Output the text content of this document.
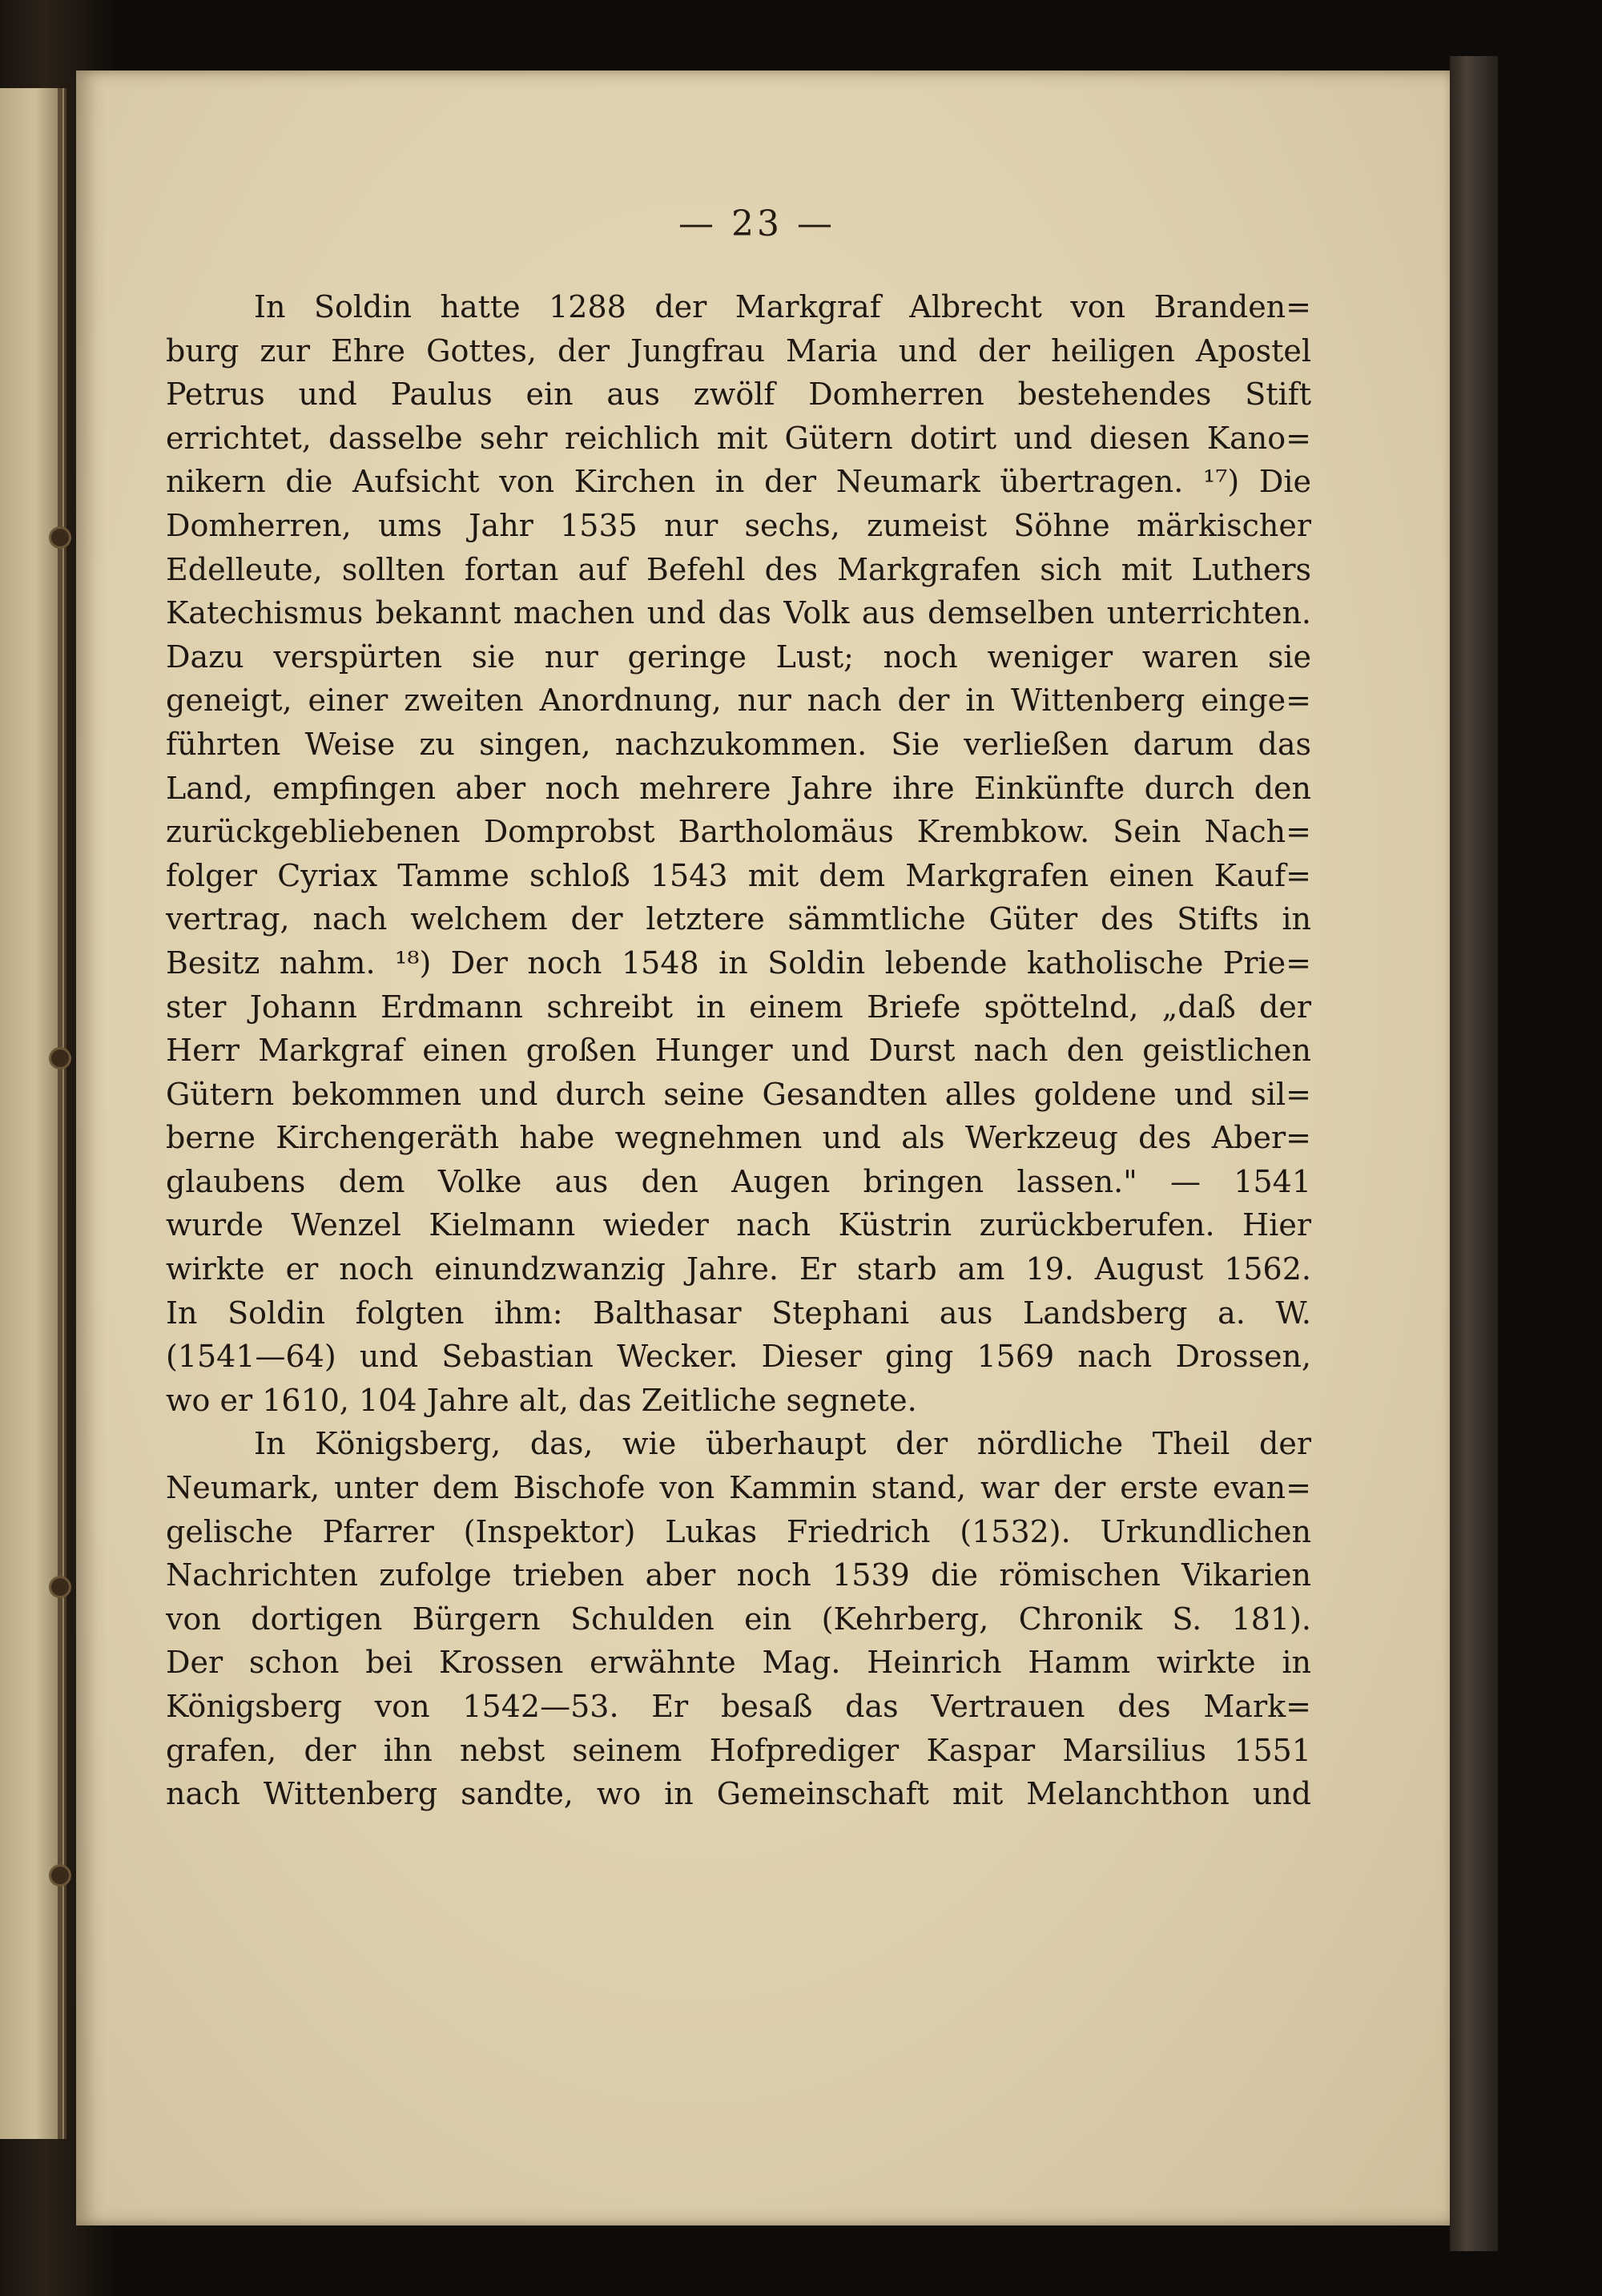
— 23 —
In Soldin hatte 1288 der Markgraf Albrecht von Branden=
burg zur Ehre Gottes, der Jungfrau Maria und der heiligen Apostel
Petrus und Paulus ein aus zwölf Domherren bestehendes Stift
errichtet, dasselbe sehr reichlich mit Gütern dotirt und diesen Kano=
nikern die Aufsicht von Kirchen in der Neumark übertragen. ¹⁷) Die
Domherren, ums Jahr 1535 nur sechs, zumeist Söhne märkischer
Edelleute, sollten fortan auf Befehl des Markgrafen sich mit Luthers
Katechismus bekannt machen und das Volk aus demselben unterrichten.
Dazu verspürten sie nur geringe Lust; noch weniger waren sie
geneigt, einer zweiten Anordnung, nur nach der in Wittenberg einge=
führten Weise zu singen, nachzukommen. Sie verließen darum das
Land, empfingen aber noch mehrere Jahre ihre Einkünfte durch den
zurückgebliebenen Domprobst Bartholomäus Krembkow. Sein Nach=
folger Cyriax Tamme schloß 1543 mit dem Markgrafen einen Kauf=
vertrag, nach welchem der letztere sämmtliche Güter des Stifts in
Besitz nahm. ¹⁸) Der noch 1548 in Soldin lebende katholische Prie=
ster Johann Erdmann schreibt in einem Briefe spöttelnd, „daß der
Herr Markgraf einen großen Hunger und Durst nach den geistlichen
Gütern bekommen und durch seine Gesandten alles goldene und sil=
berne Kirchengeräth habe wegnehmen und als Werkzeug des Aber=
glaubens dem Volke aus den Augen bringen lassen." — 1541
wurde Wenzel Kielmann wieder nach Küstrin zurückberufen. Hier
wirkte er noch einundzwanzig Jahre. Er starb am 19. August 1562.
In Soldin folgten ihm: Balthasar Stephani aus Landsberg a. W.
(1541—64) und Sebastian Wecker. Dieser ging 1569 nach Drossen,
wo er 1610, 104 Jahre alt, das Zeitliche segnete.
In Königsberg, das, wie überhaupt der nördliche Theil der
Neumark, unter dem Bischofe von Kammin stand, war der erste evan=
gelische Pfarrer (Inspektor) Lukas Friedrich (1532). Urkundlichen
Nachrichten zufolge trieben aber noch 1539 die römischen Vikarien
von dortigen Bürgern Schulden ein (Kehrberg, Chronik S. 181).
Der schon bei Krossen erwähnte Mag. Heinrich Hamm wirkte in
Königsberg von 1542—53. Er besaß das Vertrauen des Mark=
grafen, der ihn nebst seinem Hofprediger Kaspar Marsilius 1551
nach Wittenberg sandte, wo in Gemeinschaft mit Melanchthon und
